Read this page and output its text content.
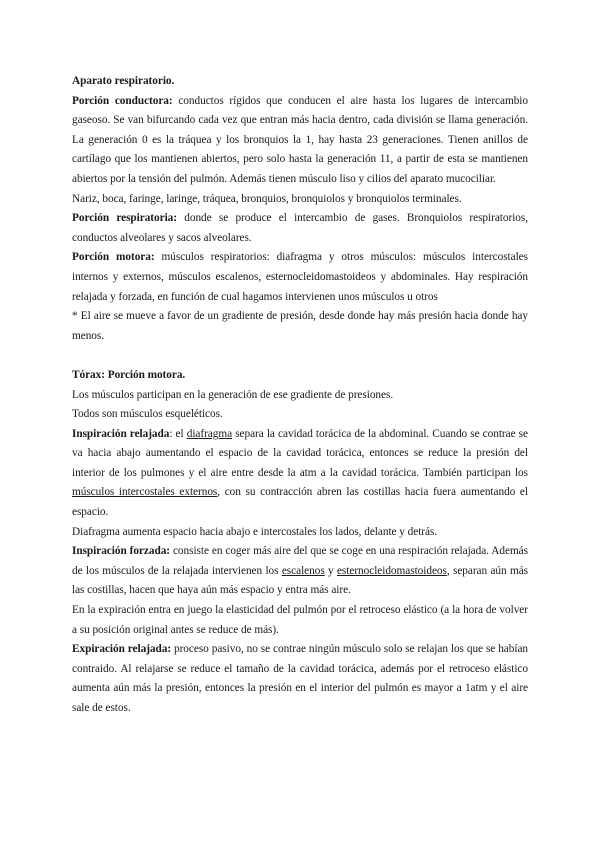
Aparato respiratorio.

Porción conductora: conductos rígidos que conducen el aire hasta los lugares de intercambio gaseoso. Se van bifurcando cada vez que entran más hacia dentro, cada división se llama generación. La generación 0 es la tráquea y los bronquios la 1, hay hasta 23 generaciones. Tienen anillos de cartílago que los mantienen abiertos, pero solo hasta la generación 11, a partir de esta se mantienen abiertos por la tensión del pulmón. Además tienen músculo liso y cilios del aparato mucociliar.

Nariz, boca, faringe, laringe, tráquea, bronquios, bronquiolos y bronquiolos terminales.

Porción respiratoria: donde se produce el intercambio de gases. Bronquiolos respiratorios, conductos alveolares y sacos alveolares.

Porción motora: músculos respiratorios: diafragma y otros músculos: músculos intercostales internos y externos, músculos escalenos, esternocleidomastoideos y abdominales. Hay respiración relajada y forzada, en función de cual hagamos intervienen unos músculos u otros

* El aire se mueve a favor de un gradiente de presión, desde donde hay más presión hacia donde hay menos.

Tórax: Porción motora.

Los músculos participan en la generación de ese gradiente de presiones.

Todos son músculos esqueléticos.

Inspiración relajada: el diafragma separa la cavidad torácica de la abdominal. Cuando se contrae se va hacia abajo aumentando el espacio de la cavidad torácica, entonces se reduce la presión del interior de los pulmones y el aire entre desde la atm a la cavidad torácica. También participan los músculos intercostales externos, con su contracción abren las costillas hacia fuera aumentando el espacio.

Diafragma aumenta espacio hacia abajo e intercostales los lados, delante y detrás.

Inspiración forzada: consiste en coger más aire del que se coge en una respiración relajada. Además de los músculos de la relajada intervienen los escalenos y esternocleidomastoideos, separan aún más las costillas, hacen que haya aún más espacio y entra más aire.

En la expiración entra en juego la elasticidad del pulmón por el retroceso elástico (a la hora de volver a su posición original antes se reduce de más).

Expiración relajada: proceso pasivo, no se contrae ningún músculo solo se relajan los que se habían contraido. Al relajarse se reduce el tamaño de la cavidad torácica, además por el retroceso elástico aumenta aún más la presión, entonces la presión en el interior del pulmón es mayor a 1atm y el aire sale de estos.
